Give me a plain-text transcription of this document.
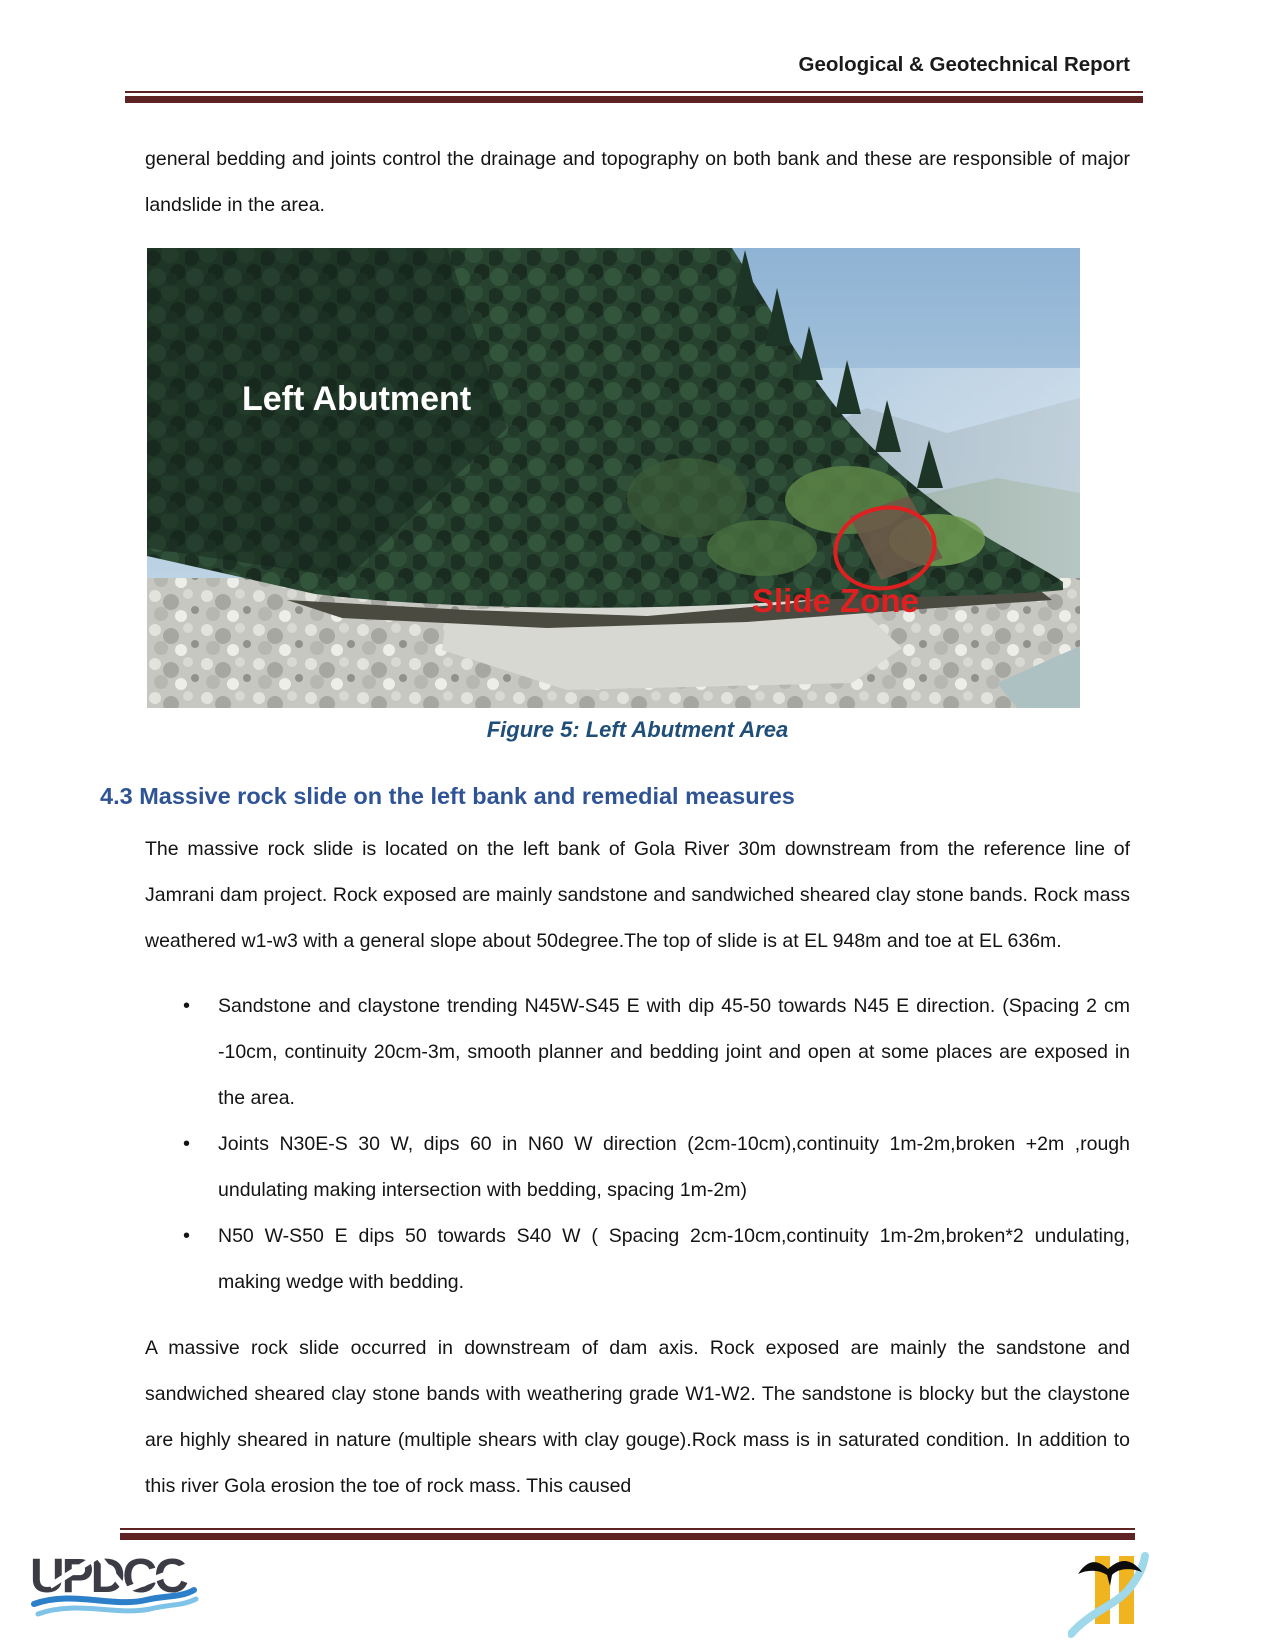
Geological & Geotechnical Report

general bedding and joints control the drainage and topography on both bank and these are responsible of major landslide in the area.

Left Abutment
Slide Zone
Figure 5: Left Abutment Area
4.3 Massive rock slide on the left bank and remedial measures

The massive rock slide is located on the left bank of Gola River 30m downstream from the reference line of Jamrani dam project. Rock exposed are mainly sandstone and sandwiched sheared clay stone bands. Rock mass weathered w1-w3 with a general slope about 50degree.The top of slide is at EL 948m and toe at EL 636m.

• Sandstone and claystone trending N45W-S45 E with dip 45-50 towards N45 E direction. (Spacing 2 cm -10cm, continuity 20cm-3m, smooth planner and bedding joint and open at some places are exposed in the area.
• Joints N30E-S 30 W, dips 60 in N60 W direction (2cm-10cm),continuity 1m-2m,broken +2m ,rough undulating making intersection with bedding, spacing 1m-2m)
• N50 W-S50 E dips 50 towards S40 W ( Spacing 2cm-10cm,continuity 1m-2m,broken*2 undulating, making wedge with bedding.

A massive rock slide occurred in downstream of dam axis. Rock exposed are mainly the sandstone and sandwiched sheared clay stone bands with weathering grade W1-W2. The sandstone is blocky but the claystone are highly sheared in nature (multiple shears with clay gouge).Rock mass is in saturated condition. In addition to this river Gola erosion the toe of rock mass. This caused

UPDCC
